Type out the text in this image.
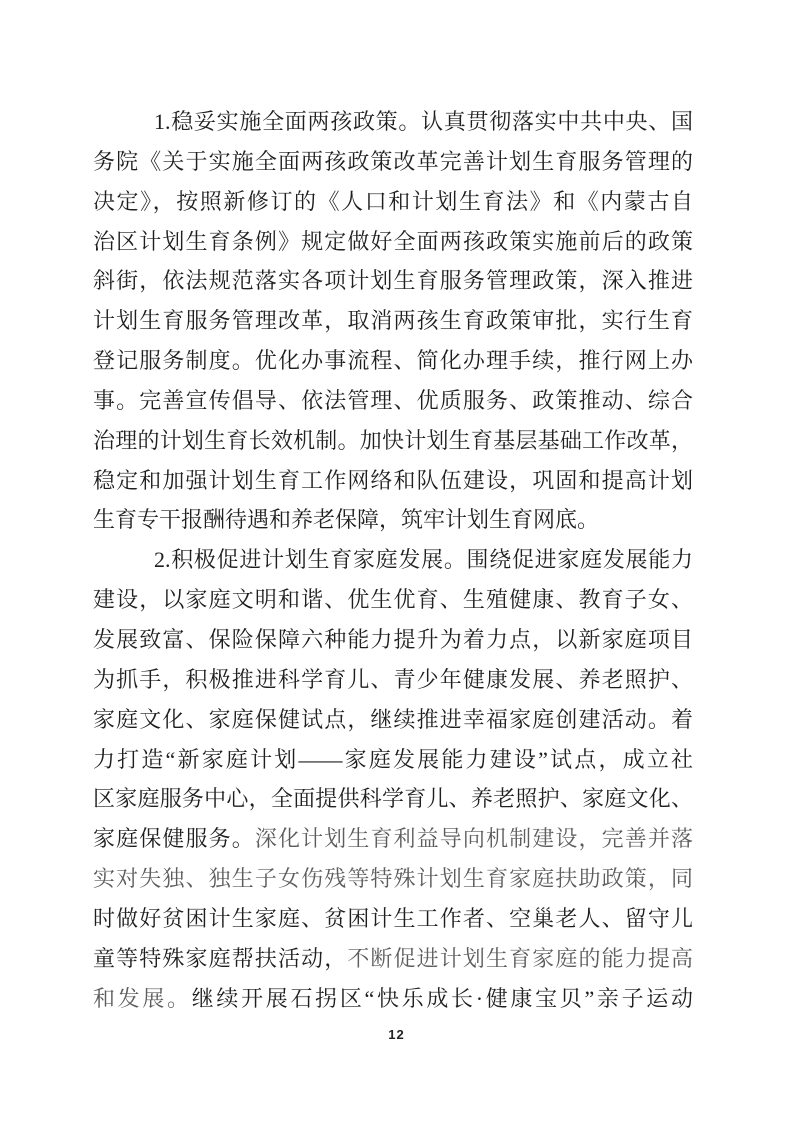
1.稳妥实施全面两孩政策。认真贯彻落实中共中央、国
务院《关于实施全面两孩政策改革完善计划生育服务管理的
决定》，按照新修订的《人口和计划生育法》和《内蒙古自
治区计划生育条例》规定做好全面两孩政策实施前后的政策
斜街，依法规范落实各项计划生育服务管理政策，深入推进
计划生育服务管理改革，取消两孩生育政策审批，实行生育
登记服务制度。优化办事流程、简化办理手续，推行网上办
事。完善宣传倡导、依法管理、优质服务、政策推动、综合
治理的计划生育长效机制。加快计划生育基层基础工作改革，
稳定和加强计划生育工作网络和队伍建设，巩固和提高计划
生育专干报酬待遇和养老保障，筑牢计划生育网底。
2.积极促进计划生育家庭发展。围绕促进家庭发展能力
建设，以家庭文明和谐、优生优育、生殖健康、教育子女、
发展致富、保险保障六种能力提升为着力点，以新家庭项目
为抓手，积极推进科学育儿、青少年健康发展、养老照护、
家庭文化、家庭保健试点，继续推进幸福家庭创建活动。着
力打造“新家庭计划——家庭发展能力建设”试点，成立社
区家庭服务中心，全面提供科学育儿、养老照护、家庭文化、
家庭保健服务。深化计划生育利益导向机制建设，完善并落
实对失独、独生子女伤残等特殊计划生育家庭扶助政策，同
时做好贫困计生家庭、贫困计生工作者、空巢老人、留守儿
童等特殊家庭帮扶活动，不断促进计划生育家庭的能力提高
和发展。继续开展石拐区“快乐成长·健康宝贝”亲子运动
12
